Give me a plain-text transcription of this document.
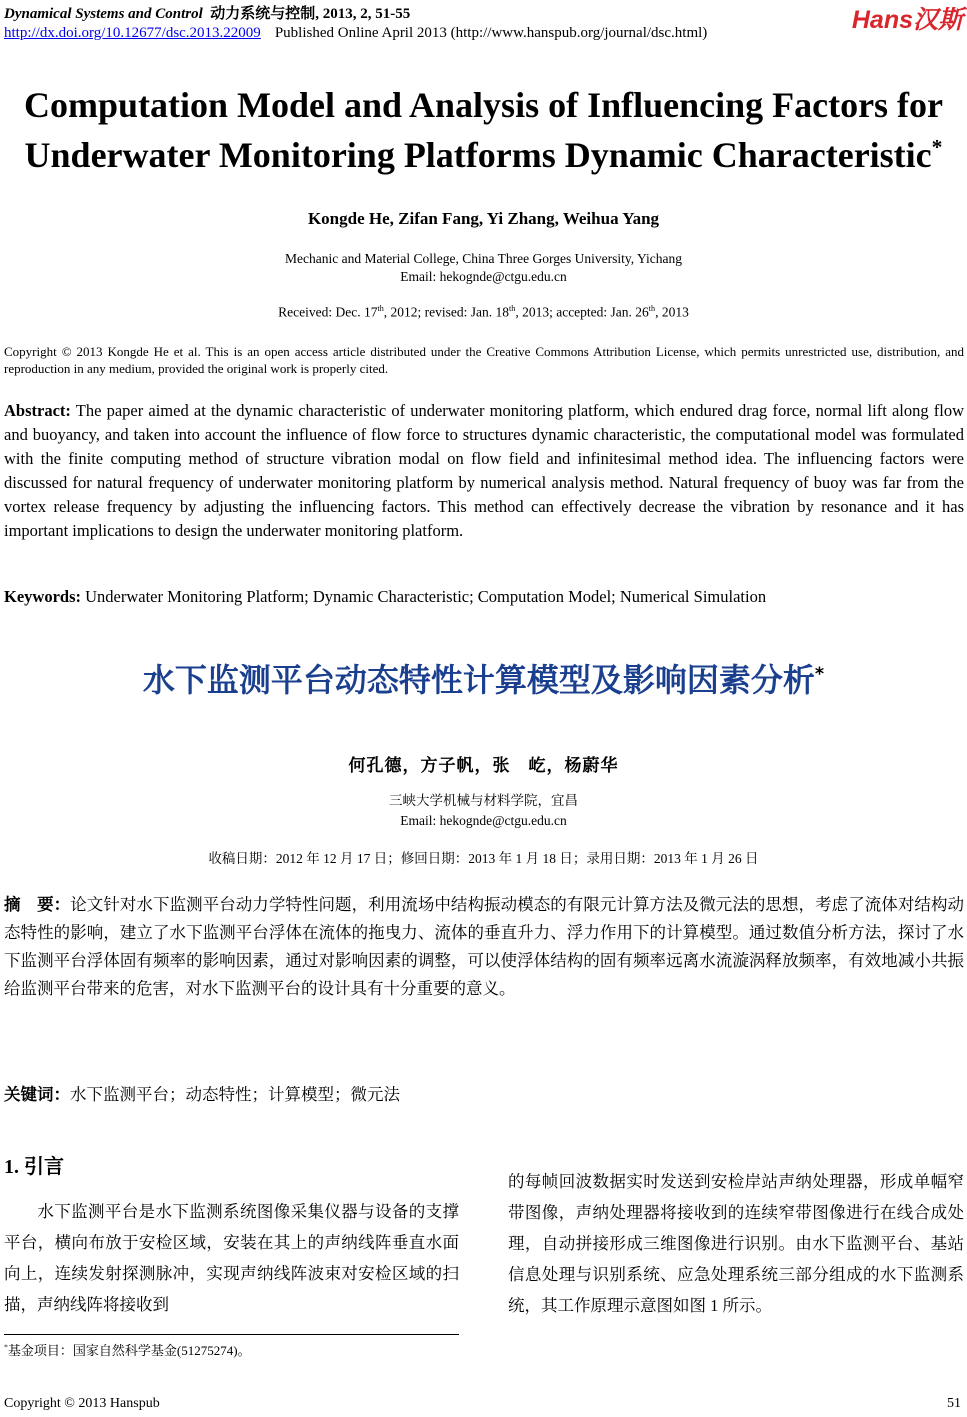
Dynamical Systems and Control 动力系统与控制, 2013, 2, 51-55
http://dx.doi.org/10.12677/dsc.2013.22009 Published Online April 2013 (http://www.hanspub.org/journal/dsc.html)	Hans汉斯
Computation Model and Analysis of Influencing Factors for
Underwater Monitoring Platforms Dynamic Characteristic*
Kongde He, Zifan Fang, Yi Zhang, Weihua Yang
Mechanic and Material College, China Three Gorges University, Yichang
Email: hekognde@ctgu.edu.cn
Received: Dec. 17th, 2012; revised: Jan. 18th, 2013; accepted: Jan. 26th, 2013
Copyright © 2013 Kongde He et al. This is an open access article distributed under the Creative Commons Attribution License, which permits unrestricted use, distribution, and reproduction in any medium, provided the original work is properly cited.
Abstract: The paper aimed at the dynamic characteristic of underwater monitoring platform, which endured drag force, normal lift along flow and buoyancy, and taken into account the influence of flow force to structures dynamic characteristic, the computational model was formulated with the finite computing method of structure vibration modal on flow field and infinitesimal method idea. The influencing factors were discussed for natural frequency of underwater monitoring platform by numerical analysis method. Natural frequency of buoy was far from the vortex release frequency by adjusting the influencing factors. This method can effectively decrease the vibration by resonance and it has important implications to design the underwater monitoring platform.
Keywords: Underwater Monitoring Platform; Dynamic Characteristic; Computation Model; Numerical Simulation
水下监测平台动态特性计算模型及影响因素分析*
何孔德，方子帆，张　屹，杨蔚华
三峡大学机械与材料学院，宜昌
Email: hekognde@ctgu.edu.cn
收稿日期：2012 年 12 月 17 日；修回日期：2013 年 1 月 18 日；录用日期：2013 年 1 月 26 日
摘　要：论文针对水下监测平台动力学特性问题，利用流场中结构振动模态的有限元计算方法及微元法的思想，考虑了流体对结构动态特性的影响，建立了水下监测平台浮体在流体的拖曳力、流体的垂直升力、浮力作用下的计算模型。通过数值分析方法，探讨了水下监测平台浮体固有频率的影响因素，通过对影响因素的调整，可以使浮体结构的固有频率远离水流漩涡释放频率，有效地减小共振给监测平台带来的危害，对水下监测平台的设计具有十分重要的意义。
关键词：水下监测平台；动态特性；计算模型；微元法
1. 引言
水下监测平台是水下监测系统图像采集仪器与设备的支撑平台，横向布放于安检区域，安装在其上的声纳线阵垂直水面向上，连续发射探测脉冲，实现声纳线阵波束对安检区域的扫描，声纳线阵将接收到
的每帧回波数据实时发送到安检岸站声纳处理器，形成单幅窄带图像，声纳处理器将接收到的连续窄带图像进行在线合成处理，自动拼接形成三维图像进行识别。由水下监测平台、基站信息处理与识别系统、应急处理系统三部分组成的水下监测系统，其工作原理示意图如图 1 所示。
*基金项目：国家自然科学基金(51275274)。
Copyright © 2013 Hanspub	51
